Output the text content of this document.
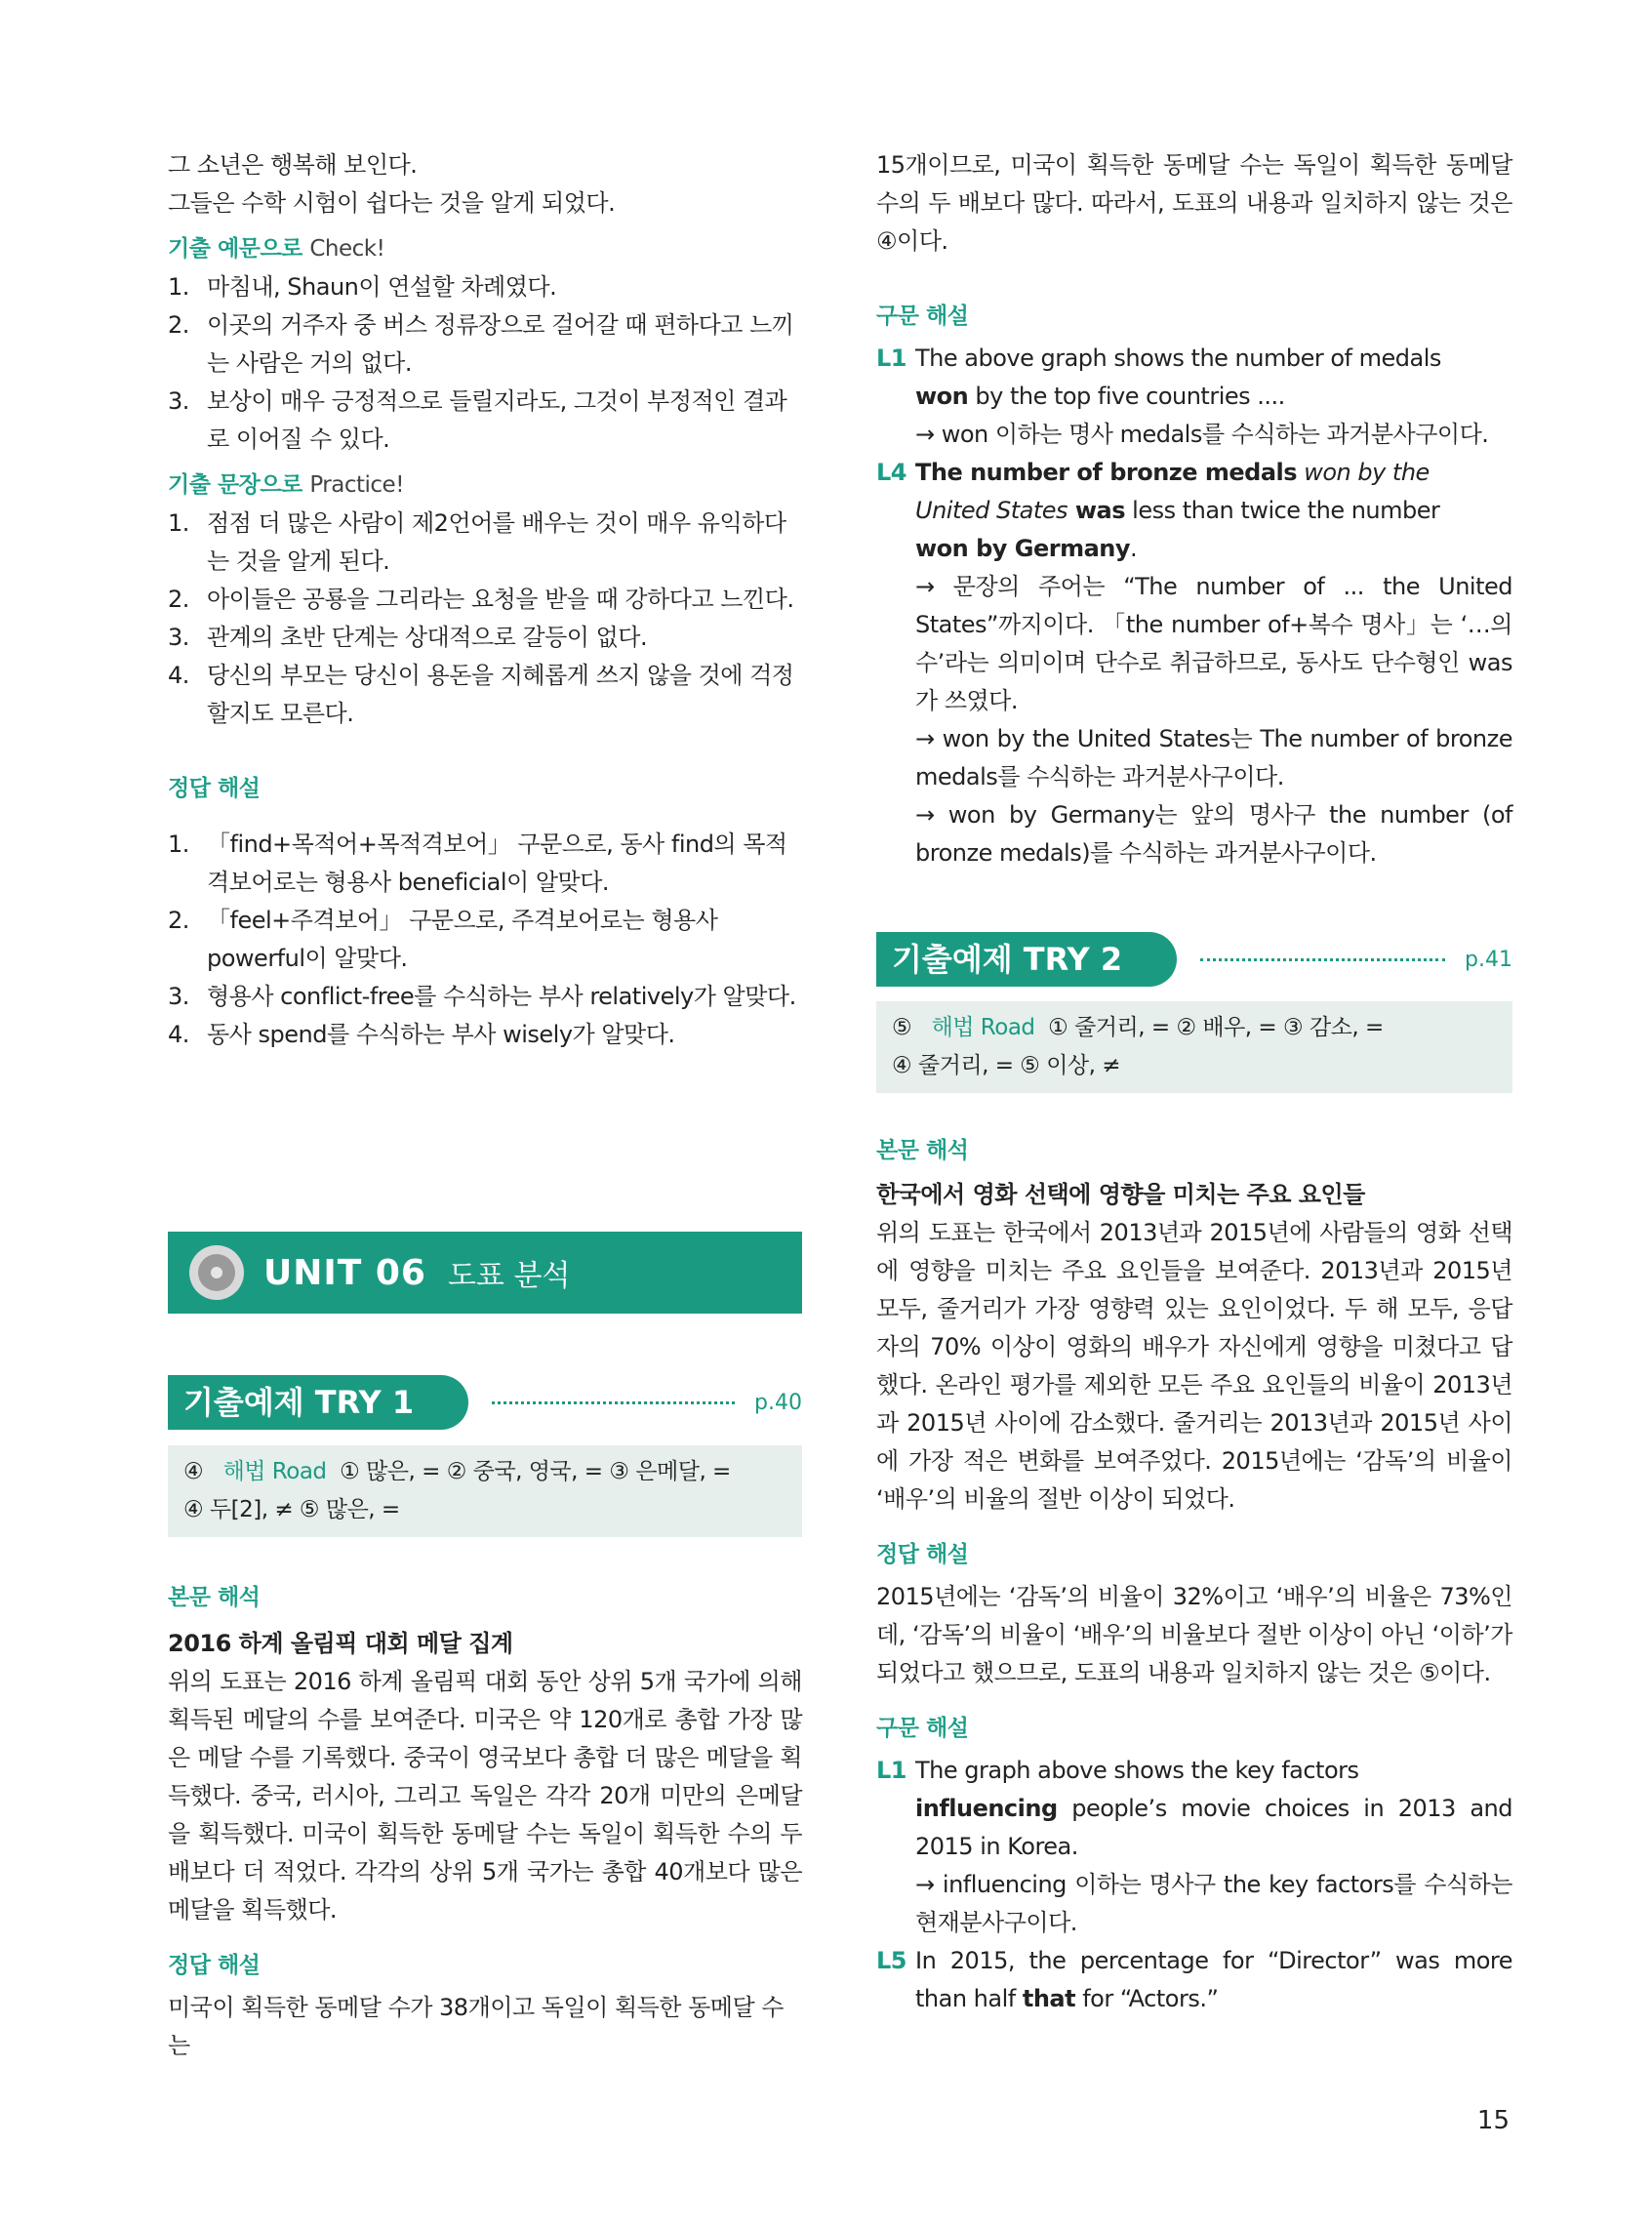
그 소년은 행복해 보인다.

그들은 수학 시험이 쉽다는 것을 알게 되었다.

기출 예문으로 Check!

1. 마침내, Shaun이 연설할 차례였다.
2. 이곳의 거주자 중 버스 정류장으로 걸어갈 때 편하다고 느끼는 사람은 거의 없다.
3. 보상이 매우 긍정적으로 들릴지라도, 그것이 부정적인 결과로 이어질 수 있다.

기출 문장으로 Practice!

1. 점점 더 많은 사람이 제2언어를 배우는 것이 매우 유익하다는 것을 알게 된다.
2. 아이들은 공룡을 그리라는 요청을 받을 때 강하다고 느낀다.
3. 관계의 초반 단계는 상대적으로 갈등이 없다.
4. 당신의 부모는 당신이 용돈을 지혜롭게 쓰지 않을 것에 걱정할지도 모른다.

정답 해설

1. 「find+목적어+목적격보어」 구문으로, 동사 find의 목적격보어로는 형용사 beneficial이 알맞다.
2. 「feel+주격보어」 구문으로, 주격보어로는 형용사 powerful이 알맞다.
3. 형용사 conflict-free를 수식하는 부사 relatively가 알맞다.
4. 동사 spend를 수식하는 부사 wisely가 알맞다.
UNIT 06 도표 분석
기출예제 TRY 1	p.40
④ 해법 Road ① 많은, = ② 중국, 영국, = ③ 은메달, =
④ 두[2], ≠ ⑤ 많은, =

본문 해석

2016 하계 올림픽 대회 메달 집계

위의 도표는 2016 하계 올림픽 대회 동안 상위 5개 국가에 의해 획득된 메달의 수를 보여준다. 미국은 약 120개로 총합 가장 많은 메달 수를 기록했다. 중국이 영국보다 총합 더 많은 메달을 획득했다. 중국, 러시아, 그리고 독일은 각각 20개 미만의 은메달을 획득했다. 미국이 획득한 동메달 수는 독일이 획득한 수의 두 배보다 더 적었다. 각각의 상위 5개 국가는 총합 40개보다 많은 메달을 획득했다.

정답 해설

미국이 획득한 동메달 수가 38개이고 독일이 획득한 동메달 수는

15개이므로, 미국이 획득한 동메달 수는 독일이 획득한 동메달 수의 두 배보다 많다. 따라서, 도표의 내용과 일치하지 않는 것은 ④이다.

구문 해설

L1 The above graph shows the number of medals
won by the top five countries ....

→ won 이하는 명사 medals를 수식하는 과거분사구이다.

L4 The number of bronze medals won by the
United States was less than twice the number
won by Germany.

→ 문장의 주어는 “The number of ... the United States”까지이다. 「the number of+복수 명사」는 ‘…의 수’라는 의미이며 단수로 취급하므로, 동사도 단수형인 was가 쓰였다.

→ won by the United States는 The number of bronze medals를 수식하는 과거분사구이다.

→ won by Germany는 앞의 명사구 the number (of bronze medals)를 수식하는 과거분사구이다.

기출예제 TRY 2	p.41
⑤ 해법 Road ① 줄거리, = ② 배우, = ③ 감소, =
④ 줄거리, = ⑤ 이상, ≠

본문 해석

한국에서 영화 선택에 영향을 미치는 주요 요인들

위의 도표는 한국에서 2013년과 2015년에 사람들의 영화 선택에 영향을 미치는 주요 요인들을 보여준다. 2013년과 2015년 모두, 줄거리가 가장 영향력 있는 요인이었다. 두 해 모두, 응답자의 70% 이상이 영화의 배우가 자신에게 영향을 미쳤다고 답했다. 온라인 평가를 제외한 모든 주요 요인들의 비율이 2013년과 2015년 사이에 감소했다. 줄거리는 2013년과 2015년 사이에 가장 적은 변화를 보여주었다. 2015년에는 ‘감독’의 비율이 ‘배우’의 비율의 절반 이상이 되었다.

정답 해설

2015년에는 ‘감독’의 비율이 32%이고 ‘배우’의 비율은 73%인데, ‘감독’의 비율이 ‘배우’의 비율보다 절반 이상이 아닌 ‘이하’가 되었다고 했으므로, 도표의 내용과 일치하지 않는 것은 ⑤이다.

구문 해설

L1 The graph above shows the key factors
influencing people’s movie choices in 2013 and 2015 in Korea.

→ influencing 이하는 명사구 the key factors를 수식하는 현재분사구이다.

L5 In 2015, the percentage for “Director” was more than half that for “Actors.”
15
